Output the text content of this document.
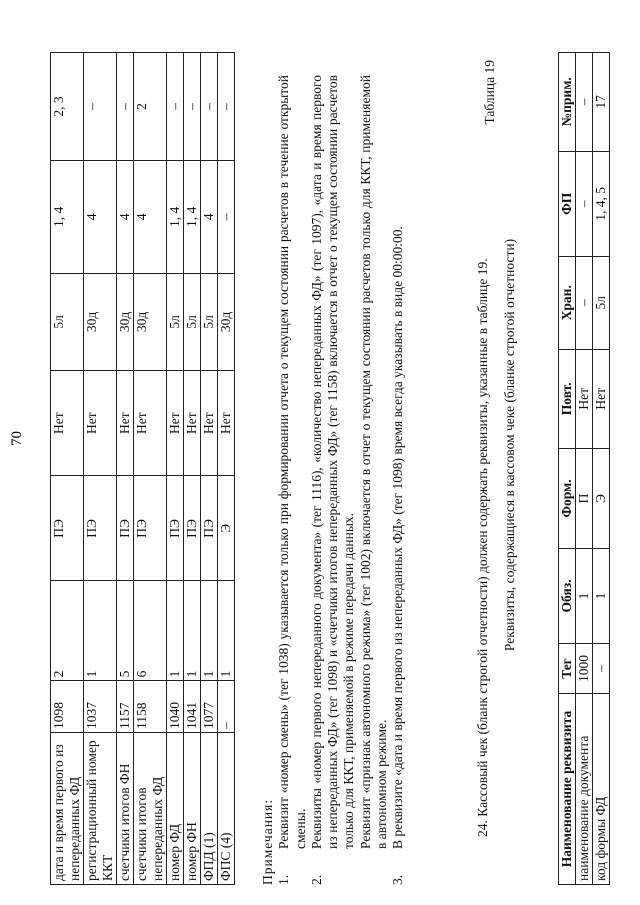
70
дата и время первого из непереданных ФД	1098	2	ПЭ	Нет	5л	1, 4	2, 3
регистрационный номер ККТ	1037	1	ПЭ	Нет	30д	4	–
счетчики итогов ФН	1157	5	ПЭ	Нет	30д	4	–
счетчики итогов непереданных ФД	1158	6	ПЭ	Нет	30д	4	2
номер ФД	1040	1	ПЭ	Нет	5л	1, 4	–
номер ФН	1041	1	ПЭ	Нет	5л	1, 4	–
ФПД (1)	1077	1	ПЭ	Нет	5л	4	–
ФПС (4)	–	1	Э	Нет	30д	–	–
Примечания: 1.
Реквизит «номер смены» (тег 1038) указывается только при формировании отчета о текущем состоянии расчетов в течение открытой смены.
2.
Реквизиты «номер первого непереданного документа» (тег 1116), «количество непереданных ФД» (тег 1097), «дата и время первого из непереданных ФД» (тег 1098) и «счетчики итогов непереданных ФД» (тег 1158) включается в отчет о текущем состоянии расчетов только для ККТ, применяемой в режиме передачи данных. Реквизит «признак автономного режима» (тег 1002) включается в отчет о текущем состоянии расчетов только для ККТ, применяемой в автономном режиме.
3.
В реквизите «дата и время первого из непереданных ФД» (тег 1098) время всегда указывать в виде 00:00:00.	24. Кассовый чек (бланк строгой отчетности) должен содержать реквизиты, указанные в таблице 19.
Таблица 19
Реквизиты, содержащиеся в кассовом чеке (бланке строгой отчетности)
Наименование реквизита	Тег	Обяз.	Форм.	Повт.	Хран.	ФП	№прим.
наименование документа	1000	1	П	Нет	–	–	–
код формы ФД	–	1	Э	Нет	5л	1, 4, 5	17
